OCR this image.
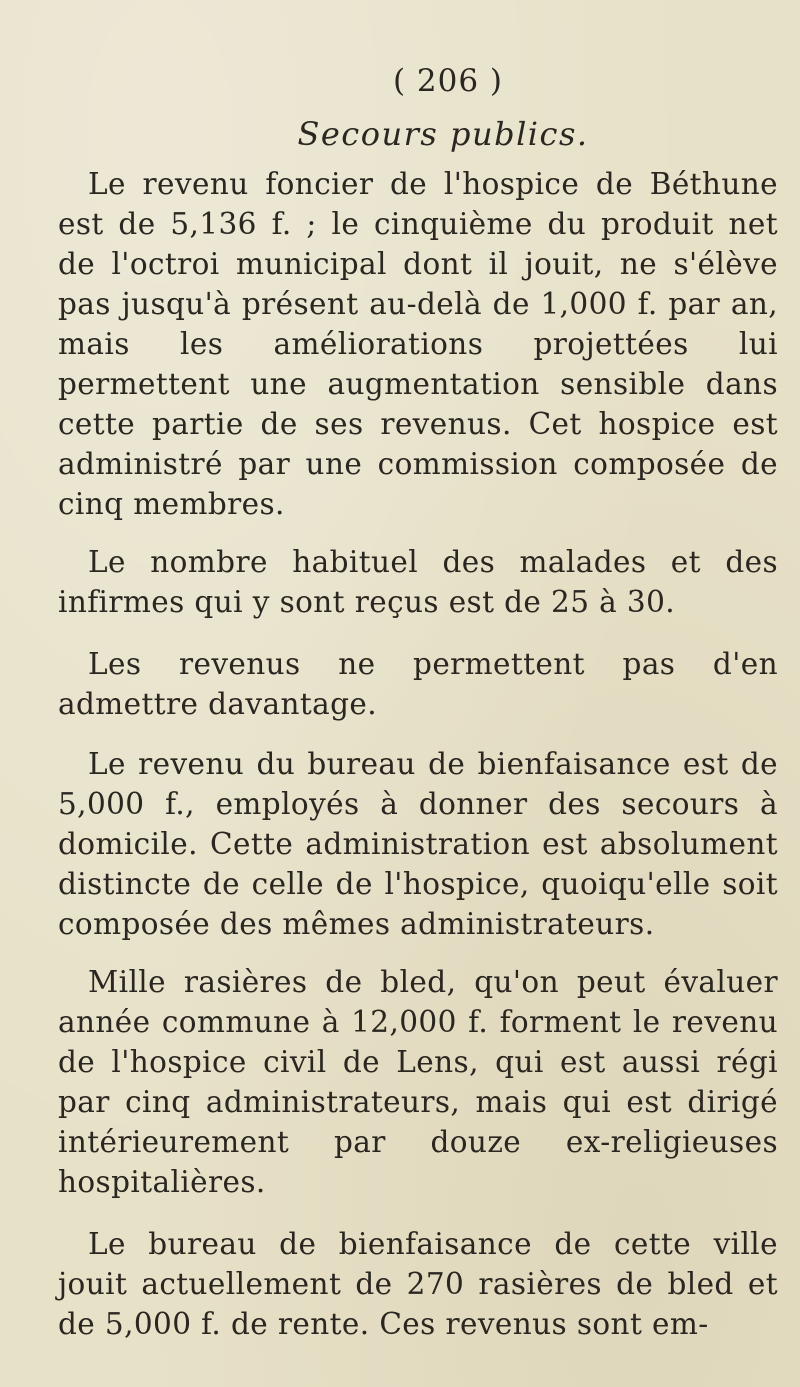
( 206 )
Secours publics.

Le revenu foncier de l'hospice de Béthune est de 5,136 f. ; le cinquième du produit net de l'octroi municipal dont il jouit, ne s'élève pas jusqu'à présent au-delà de 1,000 f. par an, mais les améliorations projettées lui permettent une augmentation sensible dans cette partie de ses revenus. Cet hospice est administré par une commission composée de cinq membres.

Le nombre habituel des malades et des infirmes qui y sont reçus est de 25 à 30.

Les revenus ne permettent pas d'en admettre davantage.

Le revenu du bureau de bienfaisance est de 5,000 f., employés à donner des secours à domicile. Cette administration est absolument distincte de celle de l'hospice, quoiqu'elle soit composée des mêmes administrateurs.

Mille rasières de bled, qu'on peut évaluer année commune à 12,000 f. forment le revenu de l'hospice civil de Lens, qui est aussi régi par cinq administrateurs, mais qui est dirigé intérieurement par douze ex-religieuses hospitalières.

Le bureau de bienfaisance de cette ville jouit actuellement de 270 rasières de bled et de 5,000 f. de rente. Ces revenus sont em-
